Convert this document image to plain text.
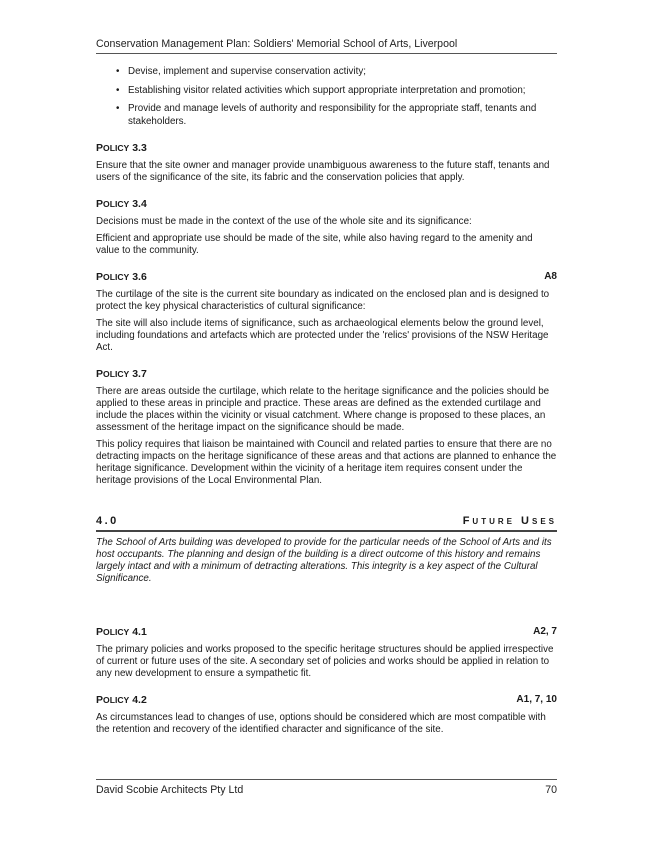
Conservation Management Plan: Soldiers' Memorial School of Arts, Liverpool
• Devise, implement and supervise conservation activity;
• Establishing visitor related activities which support appropriate interpretation and promotion;
• Provide and manage levels of authority and responsibility for the appropriate staff, tenants and stakeholders.
POLICY 3.3

Ensure that the site owner and manager provide unambiguous awareness to the future staff, tenants and users of the significance of the site, its fabric and the conservation policies that apply.

POLICY 3.4

Decisions must be made in the context of the use of the whole site and its significance:

Efficient and appropriate use should be made of the site, while also having regard to the amenity and value to the community.

POLICY 3.6	A8

The curtilage of the site is the current site boundary as indicated on the enclosed plan and is designed to protect the key physical characteristics of cultural significance:

The site will also include items of significance, such as archaeological elements below the ground level, including foundations and artefacts which are protected under the 'relics' provisions of the NSW Heritage Act.

POLICY 3.7

There are areas outside the curtilage, which relate to the heritage significance and the policies should be applied to these areas in principle and practice. These areas are defined as the extended curtilage and include the places within the vicinity or visual catchment. Where change is proposed to these places, an assessment of the heritage impact on the significance should be made.

This policy requires that liaison be maintained with Council and related parties to ensure that there are no detracting impacts on the heritage significance of these areas and that actions are planned to enhance the heritage significance. Development within the vicinity of a heritage item requires consent under the heritage provisions of the Local Environmental Plan.

4.0	Future Uses

The School of Arts building was developed to provide for the particular needs of the School of Arts and its host occupants. The planning and design of the building is a direct outcome of this history and remains largely intact and with a minimum of detracting alterations. This integrity is a key aspect of the Cultural Significance.

POLICY 4.1	A2, 7

The primary policies and works proposed to the specific heritage structures should be applied irrespective of current or future uses of the site. A secondary set of policies and works should be applied in relation to any new development to ensure a sympathetic fit.

POLICY 4.2	A1, 7, 10

As circumstances lead to changes of use, options should be considered which are most compatible with the retention and recovery of the identified character and significance of the site.

David Scobie Architects Pty Ltd	70
